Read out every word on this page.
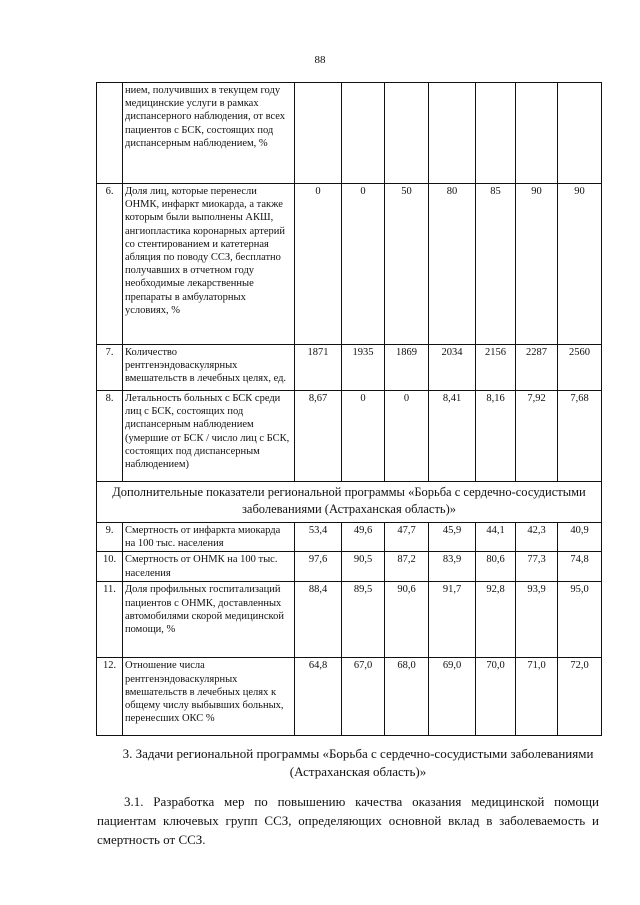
88
	нием, получивших в текущем году медицинские услуги в рамках диспансерного наблюдения, от всех пациентов с БСК, состоящих под диспансерным наблюдением, %							
6.	Доля лиц, которые перенесли ОНМК, инфаркт миокарда, а также которым были выполнены АКШ, ангиопластика коронарных артерий со стентированием и катетерная абляция по поводу ССЗ, бесплатно получавших в отчетном году необходимые лекарственные препараты в амбулаторных условиях, %	0	0	50	80	85	90	90
7.	Количество рентгенэндоваскулярных вмешательств в лечебных целях, ед.	1871	1935	1869	2034	2156	2287	2560
8.	Летальность больных с БСК среди лиц с БСК, состоящих под диспансерным наблюдением (умершие от БСК / число лиц с БСК, состоящих под диспансерным наблюдением)	8,67	0	0	8,41	8,16	7,92	7,68
Дополнительные показатели региональной программы «Борьба с сердечно-сосудистыми заболеваниями (Астраханская область)»								
9.	Смертность от инфаркта миокарда на 100 тыс. населения	53,4	49,6	47,7	45,9	44,1	42,3	40,9
10.	Смертность от ОНМК на 100 тыс. населения	97,6	90,5	87,2	83,9	80,6	77,3	74,8
11.	Доля профильных госпитализаций пациентов с ОНМК, доставленных автомобилями скорой медицинской помощи, %	88,4	89,5	90,6	91,7	92,8	93,9	95,0
12.	Отношение числа рентгенэндоваскулярных вмешательств в лечебных целях к общему числу выбывших больных, перенесших ОКС %	64,8	67,0	68,0	69,0	70,0	71,0	72,0
3. Задачи региональной программы «Борьба с сердечно-сосудистыми заболеваниями (Астраханская область)»
3.1. Разработка мер по повышению качества оказания медицинской помощи пациентам ключевых групп ССЗ, определяющих основной вклад в заболеваемость и смертность от ССЗ.
